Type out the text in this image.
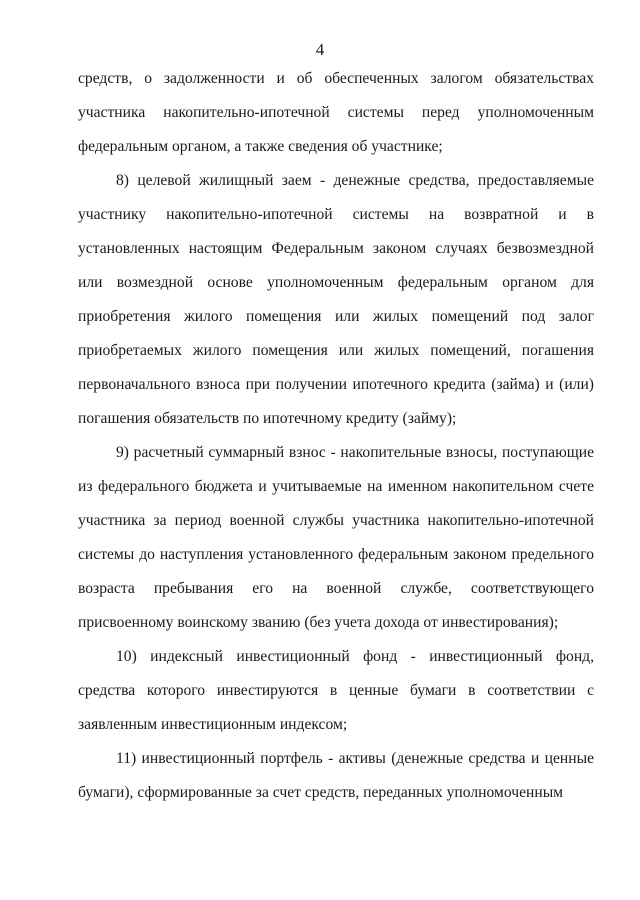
4

средств, о задолженности и об обеспеченных залогом обязательствах участника накопительно-ипотечной системы перед уполномоченным федеральным органом, а также сведения об участнике;

8) целевой жилищный заем - денежные средства, предоставляемые участнику накопительно-ипотечной системы на возвратной и в установленных настоящим Федеральным законом случаях безвозмездной или возмездной основе уполномоченным федеральным органом для приобретения жилого помещения или жилых помещений под залог приобретаемых жилого помещения или жилых помещений, погашения первоначального взноса при получении ипотечного кредита (займа) и (или) погашения обязательств по ипотечному кредиту (займу);

9) расчетный суммарный взнос - накопительные взносы, поступающие из федерального бюджета и учитываемые на именном накопительном счете участника за период военной службы участника накопительно-ипотечной системы до наступления установленного федеральным законом предельного возраста пребывания его на военной службе, соответствующего присвоенному воинскому званию (без учета дохода от инвестирования);

10) индексный инвестиционный фонд - инвестиционный фонд, средства которого инвестируются в ценные бумаги в соответствии с заявленным инвестиционным индексом;

11) инвестиционный портфель - активы (денежные средства и ценные бумаги), сформированные за счет средств, переданных уполномоченным
